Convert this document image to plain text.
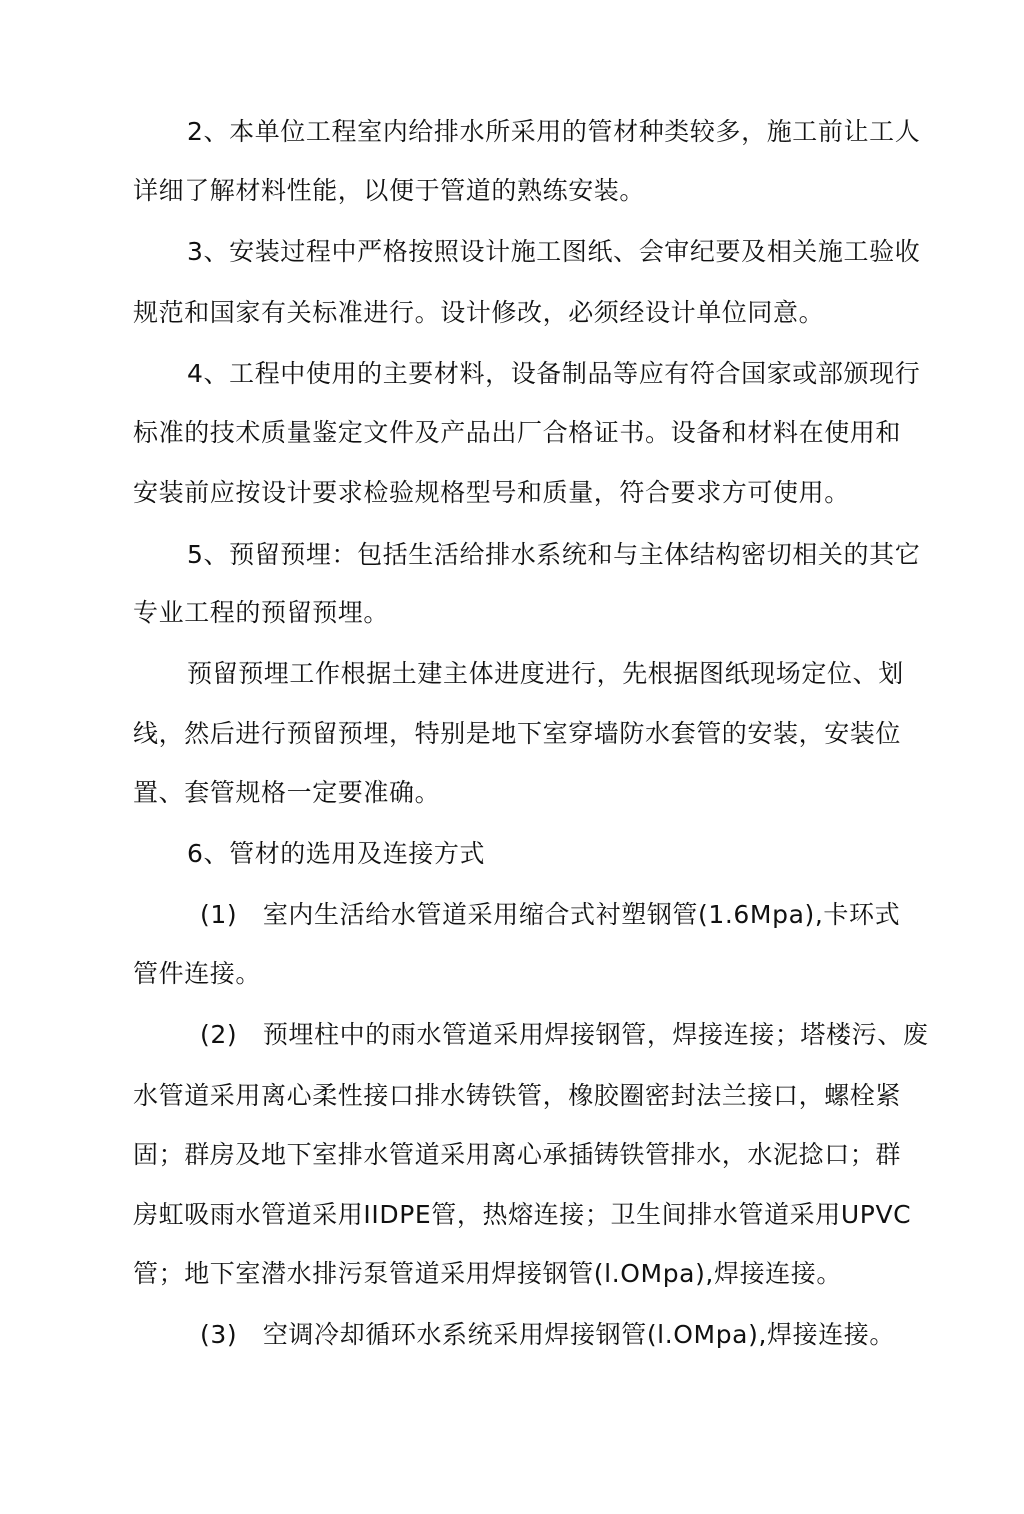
2、本单位工程室内给排水所采用的管材种类较多，施工前让工人
详细了解材料性能，以便于管道的熟练安装。
3、安装过程中严格按照设计施工图纸、会审纪要及相关施工验收
规范和国家有关标准进行。设计修改，必须经设计单位同意。
4、工程中使用的主要材料，设备制品等应有符合国家或部颁现行
标准的技术质量鉴定文件及产品出厂合格证书。设备和材料在使用和
安装前应按设计要求检验规格型号和质量，符合要求方可使用。
5、预留预埋：包括生活给排水系统和与主体结构密切相关的其它
专业工程的预留预埋。
预留预埋工作根据土建主体进度进行，先根据图纸现场定位、划
线，然后进行预留预埋，特别是地下室穿墙防水套管的安装，安装位
置、套管规格一定要准确。
6、管材的选用及连接方式
(1)　室内生活给水管道采用缩合式衬塑钢管(1.6Mpa),卡环式
管件连接。
(2)　预埋柱中的雨水管道采用焊接钢管，焊接连接；塔楼污、废
水管道采用离心柔性接口排水铸铁管，橡胶圈密封法兰接口，螺栓紧
固；群房及地下室排水管道采用离心承插铸铁管排水，水泥捻口；群
房虹吸雨水管道采用IIDPE管，热熔连接；卫生间排水管道采用UPVC
管；地下室潜水排污泵管道采用焊接钢管(l.OMpa),焊接连接。
(3)　空调冷却循环水系统采用焊接钢管(l.OMpa),焊接连接。
